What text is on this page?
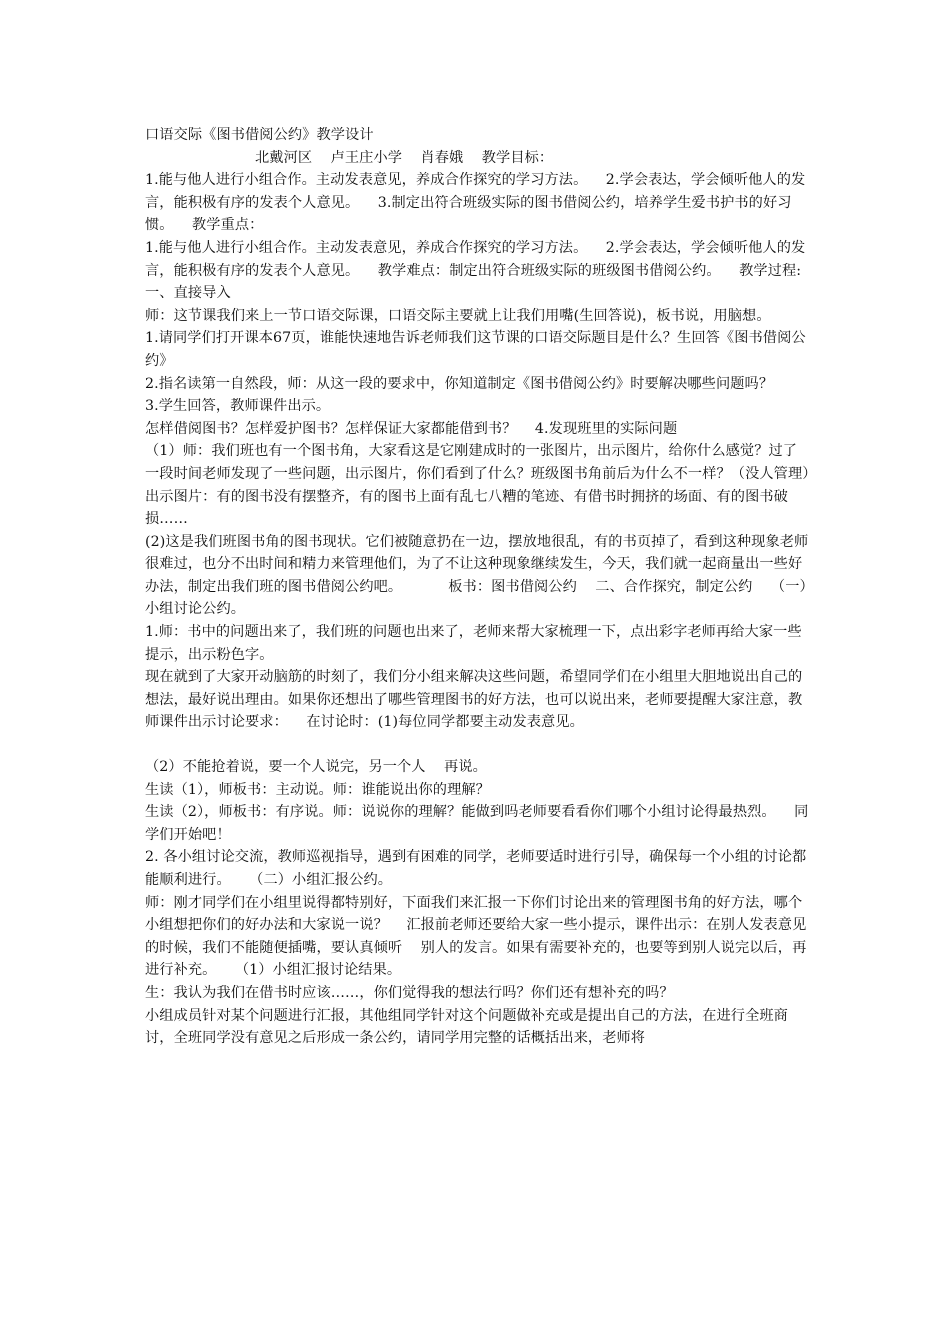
口语交际《图书借阅公约》教学设计

北戴河区    卢王庄小学    肖春娥    教学目标：

1.能与他人进行小组合作。主动发表意见，养成合作探究的学习方法。    2.学会表达，学会倾听他人的发言，能积极有序的发表个人意见。    3.制定出符合班级实际的图书借阅公约，培养学生爱书护书的好习惯。    教学重点：

1.能与他人进行小组合作。主动发表意见，养成合作探究的学习方法。    2.学会表达，学会倾听他人的发言，能积极有序的发表个人意见。    教学难点：制定出符合班级实际的班级图书借阅公约。    教学过程: 一、直接导入

师：这节课我们来上一节口语交际课，口语交际主要就上让我们用嘴(生回答说)，板书说，用脑想。

1.请同学们打开课本67页，谁能快速地告诉老师我们这节课的口语交际题目是什么？生回答《图书借阅公约》

2.指名读第一自然段，师：从这一段的要求中，你知道制定《图书借阅公约》时要解决哪些问题吗？

3.学生回答，教师课件出示。

怎样借阅图书？怎样爱护图书？怎样保证大家都能借到书？    4.发现班里的实际问题

（1）师：我们班也有一个图书角，大家看这是它刚建成时的一张图片，出示图片，给你什么感觉？过了一段时间老师发现了一些问题，出示图片，你们看到了什么？班级图书角前后为什么不一样？（没人管理）

出示图片：有的图书没有摆整齐，有的图书上面有乱七八糟的笔迹、有借书时拥挤的场面、有的图书破损……

(2)这是我们班图书角的图书现状。它们被随意扔在一边，摆放地很乱，有的书页掉了，看到这种现象老师很难过，也分不出时间和精力来管理他们，为了不让这种现象继续发生，今天，我们就一起商量出一些好办法，制定出我们班的图书借阅公约吧。          板书：图书借阅公约    二、合作探究，制定公约    （一）小组讨论公约。

1.师：书中的问题出来了，我们班的问题也出来了，老师来帮大家梳理一下，点出彩字老师再给大家一些提示，出示粉色字。

现在就到了大家开动脑筋的时刻了，我们分小组来解决这些问题，希望同学们在小组里大胆地说出自己的想法，最好说出理由。如果你还想出了哪些管理图书的好方法，也可以说出来，老师要提醒大家注意，教师课件出示讨论要求：    在讨论时：(1)每位同学都要主动发表意见。

（2）不能抢着说，要一个人说完，另一个人    再说。

生读（1），师板书：主动说。师：谁能说出你的理解？

生读（2），师板书：有序说。师：说说你的理解？能做到吗老师要看看你们哪个小组讨论得最热烈。    同学们开始吧！

2. 各小组讨论交流，教师巡视指导，遇到有困难的同学，老师要适时进行引导，确保每一个小组的讨论都能顺利进行。    （二）小组汇报公约。

师：刚才同学们在小组里说得都特别好，下面我们来汇报一下你们讨论出来的管理图书角的好方法，哪个小组想把你们的好办法和大家说一说？    汇报前老师还要给大家一些小提示，课件出示：在别人发表意见的时候，我们不能随便插嘴，要认真倾听    别人的发言。如果有需要补充的，也要等到别人说完以后，再    进行补充。    （1）小组汇报讨论结果。

生：我认为我们在借书时应该……，你们觉得我的想法行吗？你们还有想补充的吗？

小组成员针对某个问题进行汇报，其他组同学针对这个问题做补充或是提出自己的方法，在进行全班商讨，全班同学没有意见之后形成一条公约，请同学用完整的话概括出来，老师将
